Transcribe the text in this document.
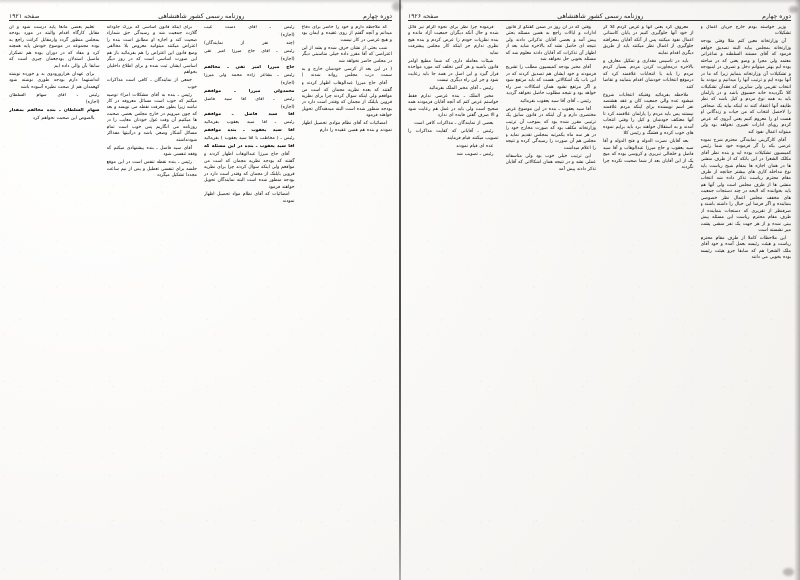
دوره چهارم
روزنامه رسمی کشور شاهنشاهی
صفحه ۱۹۲۶

وزیر خواسته بودم خارج جریان اعمال و تشکیلات

آن وزارتخانه معین کنم مثلا وقتی بودجه وزارتخانه بمجلس بیاید البته تصدیق خواهم فرمود که آقای مستند السلطنه و شاعرانی معتمد ولی مجزا و وضو یعنی که در مباحثه بوده ایم بهتر میتوانم دخل و تصرف در اینبودجه و تشکیلات آن وزارتخانه بنمایم زیرا که ما در آنها بوده ایم و ترتیب آنها را میدانیم و نبودند بنا انتخاب تقریبی ولی سایرین که فقدآن تشکیلات کلا نگردیده خانه حسبوق باشد و در پارلمان باید به همه نوع مردم و کیل باشد که نظر طایفه آنها اعتقاد کنند نه اینکه بیاید یک صحافی را لاحصل انتخاب که من حیات و زندگانی او هست او را معروم کنیم یعنی آبروی که عرض کردم رویای ادارات تغییری نخواهد بود ولی میتواند اعمال نفوذ کند

آقای کارگزینی نمایندگی محترم شرح نموده عرضی یکه را گر فرموده خود شما رئیس کمیسیون تشکیلات بوده اید و بنده نظر آقای مکلک الشعرا در این بانکه که از طرف منشی ها در همان اجازه ها بمقام شیخ ریاست باید نوع مداخله کاری های بیشتر جنانچه از طرف مقام محترم ریاست تذکر داده شد انتخاب منشی ها از طرف مجلس است ولی آنها هم باید بخواننده که لایحه در چند دستجات جمعیت های مخفف مجلس اعمال نظر خصوصی بنماینده و اگر فرضا این خیال را داشته باشند و صرفنظر از تقریری که دستجات بنماینده از طرف مقام محترم ریاست این مسئله پیش بینی شده و از هر جهت یک نفر منشی پشت میز نشسته است

این ملاحظات کاملا از طرف مقام محترم ریاست و هیئت رئیسه بعمل آمده و خود آقای ملک الشعرا هم که سابقا جزو هیئت رئیسه بوده بخوبی می دانند

معروف کرد یعنی آنها و غرض کردم کلا گر از خود آنها جلوگیری کنیم در پایان کاستانی اعمال نفوذ میکنند پس از آنکه آقایان بمعرافته جلوگیری از اعمال نظر میکنند باید از طریق دیگری اقدام نمایند

باید در تاسیس مقداری و تمکیل معارف و بالاخره درمجاورت کردن مردم بسیار کردم مردم را باید با انتخابات علاقمند کرد که درموقع انتخابات خودشان اقدام بنمایند و تقاضا کنند

ملاحظه بفرمائید وقتیکه انتخابات شروع میشود عده والی جمعیت کان و عقد هشتصد نفر اسم نویسنده برای اینکه مردم علاقمند نیستند پس باید مردم را پارلمان علاقمند کرد تا آنها معتکف خودشان و کیل را وقتی انتخاب آمدند و به استقلال خواهند برد باید برایم نموده های خوب کرده و قشنگ و رئیس کلا

بعد آقایان نصرت الدوله و فتح الدوله و آقا سید یعقوب و حاج میرزا عبدالوهاب و آقا سید فاضل و خلخالی تبریزی و کروسی بوده که میچ یک از این آقایان بعد از شما صحبت نکرده چرا نگردند

وقتی که در آن روز در ضمن گفتگو از قانون ادارات و ایالات راجع به همین مسئله بحثی پیش آمد و بعضی آقایان تذکراتی دادند ولی نتیجه ای حاصل نشد که بالاخره شاید بعد از اظهار آن تذکرات که آقایان دادند معلوم شد که مسئله بخوبی حل نخواهد شد

آقای مخبر بودجه کمیسیون مطلب را تشریح فرمودند و خود ایشان هم تصدیق کردند که در این باب یک اشکالاتی هست که باید مرتفع شود و اگر مرتفع نشود همان اشکالات سر راه خواهد بود و نتیجه مطلوب حاصل نخواهد گردید

رئیس ـ آقای آقا سید یعقوب بفرمائید

آقا سید یعقوب ـ بنده در این موضوع عرض مختصری دارم و آن اینکه در قانون سابق یک ترتیبی مقرر شده بود که بموجب آن ترتیب وزارتخانه مکلف بود که صورت مخارج خود را در هر سه ماه یکمرتبه بمجلس تقدیم نماید و مجلس هم آن صورت را رسیدگی کرده و نتیجه را اعلام میداشت

این ترتیب خیلی خوب بود ولی متاسفانه عملی نشد و در نتیجه همان اشکالاتی که آقایان تذکر دادند پیش آمد

فرموده چرا نظر برای نحوه الزام نیز قائل شده و حال آنکه دیگران جمعیت آزاد مانده و بنده نظریات خودم را عرض کردم و بنده هیچ نظری ندارم جز اینکه کار مجلس پیشرفت نماید

شیئات معامله داری که شما مطیع اوامر قانون باشید و هر کس تخلف کند مورد مواخذه قرار گیرد و این اصل در همه جا باید رعایت شود و جز این راه دیگری نیست

رئیس ـ آقای مخبر الملک بفرمائید

مخبر الملک ـ بنده عرضی ندارم فقط خواستم عرض کنم که آنچه آقایان فرمودند همه صحیح است ولی باید در عمل هم رعایت شود و الا صرف گفتن فایده ای ندارد

بعضی از نمایندگان ـ مذاکرات کافی است

رئیس ـ آقایانی که کفایت مذاکرات را تصویب میکنند قیام فرمایند

عده ای قیام نمودند

رئیس ـ تصویب شد

دوره چهارم
روزنامه رسمی کشور شاهنشاهی
صفحه ۱۹۲۱

که ملاحظه دارم و خود را حاضر برای دفاع میدانم و آنچه گفتم از روی عقیده و ایمان بود و هیچ غرضی در کار نیست

شب بحثی از نشان حرف شده و بشد از این اعتراضی که آقا مقرر داده خیلی مناسبتی دیگر در مجلس حاضر نخواهد شد

( در این بعد از کرسی خودشان خارج و به سمت درب مجلس روانه شدند )

آقای حاج میرزا عبدالوهاب اظهار کردند و گفتند که بعده نظریه مجمان که است من مواقعم ولی اینکه سوال کردند چرا برای نظریه قزوین بایلنک از مجمان که وقتدر است دارد در بودجه منظور شده است البته میدهندگان تحویل خواهند فرمود

امضائیات که آقای نظام موادی تحصیل اظهار نمودند و بنده هم همین عقیده را دارم

رئیس ـ آقای دست غیب

(اجازه)

(چند نفر از نمایندگان)

رئیس ـ آقای حاج میرزا امیر تقی

(اجازه)

حاج میرزا امیر تقی ـ مخالفم

رئیس ـ بشاعر زاده محمد ولی میرزا

(اجازه)

محمدولی میرزا ـ موافقم

رئیس ـ آقای آقا سید فاضل

(اجازه)

آقا سید فاضل ـ موافقم

رئیس ـ آقا سید یعقوب بفرمائید

آقا سید یعقوب ـ بنده موافقم

رئیس ـ ( مخاطب با آقا سید یعقوب ) بفرمائید

آقا سید یعقوب ـ بنده در این مسئله که

آقای حاج میرزا عبدالوهاب اظهار کردند و گفتند که بودجه نظریه مجمان که است من مواقعم ولی اینکه سوال کردند چرا برای نظریه قزوین بایلنک از مجمان که وقتدر است دارد در بودجه منظور شده است البته نمایندگان تحویل خواهند فرمود

امضائیات که آقای نظام مواد تحصیل اظهار نمودند

برای اینکه قانون اساسی که بزرگ جاودانه گلازت جمعیت شد و رسیدگی حق شماراد صحیت کند و اجازه او مطابق است بنده را اعتراض میکنند میتوانید معروض بلا مخالفی وضع قانون این اعتراض را هم بفرمائید باز هم این صورت اساسی است که در روز دیگر اساسی ایشان ثبت شده و برای اطلاع داخلیان بخواهم

جمعی از نمایندگان ـ کافی است مذاکرات خوب

رئیس ـ بنده به آقای مشکلات امراء توصیه میکنم که خوب است مسائل معروفه در کار نباشد زیرا بطور معرفت نقطه می نویسد و بعد که چون میرویم در خارج مجلس بعضی صحبت ها میکنیم آن وقت غول خودتان معایب را در روزنامه می انگاریم پس خوب است تمام مسائل آشکار وضعی باشد و درآنیتها مفذاکر شودنداشته

آقای سید فاضل ـ بنده پیشنهادی میکنم که وقفه تنفسی شود

رئیس ـ بنده نقطه تنفس است در این موقع جلسه برای تنفسی تعطیل و پس از نیم ساعت مجددا تشکیل میگردد

تعلیم بعضی مانعا پایه درست شود و آن مقابل کارگاه اقدام والبته در مورد بودجه بمجلس منظور گردد وارمقابل کرانت راجع به بوده مجموعه در موضوع خودش پایه همچنه کرد و مفاد که در دوران بوده هم تصکرار ماصیل استدلان بودجعمان چیزی است که سابقا بآن والی داده ایم

برای عهدان هزارورودوی بد و خورده نوشته انداشتهما دارم بودجه طوری نوشته شود کهعمدان هم از صحت نظیره آسوده باشد

رئیس ـ آقای سهام السلطان

(اجازه)

سهام السلطان ـ بنده مخالفم بمقدار

بالصوص این صحبت نخواهم کرد
